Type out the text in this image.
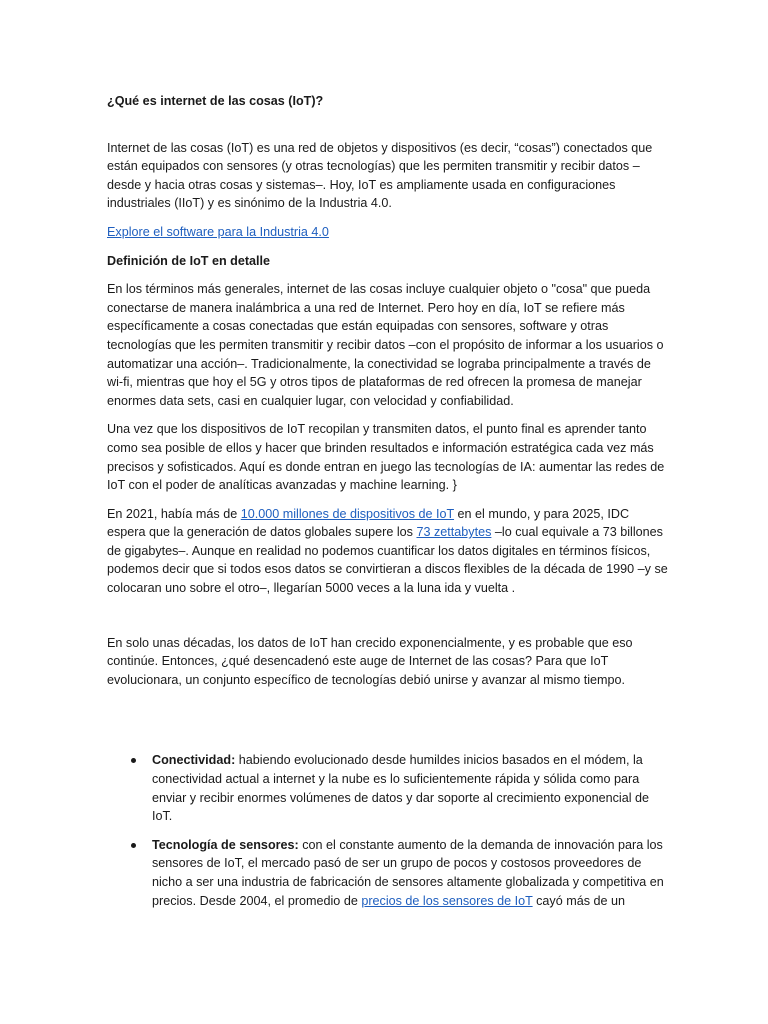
¿Qué es internet de las cosas (IoT)?

Internet de las cosas (IoT) es una red de objetos y dispositivos (es decir, “cosas”) conectados que están equipados con sensores (y otras tecnologías) que les permiten transmitir y recibir datos –desde y hacia otras cosas y sistemas–. Hoy, IoT es ampliamente usada en configuraciones industriales (IIoT) y es sinónimo de la Industria 4.0.

Explore el software para la Industria 4.0

Definición de IoT en detalle

En los términos más generales, internet de las cosas incluye cualquier objeto o "cosa" que pueda conectarse de manera inalámbrica a una red de Internet. Pero hoy en día, IoT se refiere más específicamente a cosas conectadas que están equipadas con sensores, software y otras tecnologías que les permiten transmitir y recibir datos –con el propósito de informar a los usuarios o automatizar una acción–. Tradicionalmente, la conectividad se lograba principalmente a través de wi-fi, mientras que hoy el 5G y otros tipos de plataformas de red ofrecen la promesa de manejar enormes data sets, casi en cualquier lugar, con velocidad y confiabilidad.

Una vez que los dispositivos de IoT recopilan y transmiten datos, el punto final es aprender tanto como sea posible de ellos y hacer que brinden resultados e información estratégica cada vez más precisos y sofisticados. Aquí es donde entran en juego las tecnologías de IA: aumentar las redes de IoT con el poder de analíticas avanzadas y machine learning. }

En 2021, había más de 10.000 millones de dispositivos de IoT en el mundo, y para 2025, IDC espera que la generación de datos globales supere los 73 zettabytes –lo cual equivale a 73 billones de gigabytes–. Aunque en realidad no podemos cuantificar los datos digitales en términos físicos, podemos decir que si todos esos datos se convirtieran a discos flexibles de la década de 1990 –y se colocaran uno sobre el otro–, llegarían 5000 veces a la luna ida y vuelta .

En solo unas décadas, los datos de IoT han crecido exponencialmente, y es probable que eso continúe. Entonces, ¿qué desencadenó este auge de Internet de las cosas? Para que IoT evolucionara, un conjunto específico de tecnologías debió unirse y avanzar al mismo tiempo.

Conectividad: habiendo evolucionado desde humildes inicios basados en el módem, la conectividad actual a internet y la nube es lo suficientemente rápida y sólida como para enviar y recibir enormes volúmenes de datos y dar soporte al crecimiento exponencial de IoT.
Tecnología de sensores: con el constante aumento de la demanda de innovación para los sensores de IoT, el mercado pasó de ser un grupo de pocos y costosos proveedores de nicho a ser una industria de fabricación de sensores altamente globalizada y competitiva en precios. Desde 2004, el promedio de precios de los sensores de IoT cayó más de un
